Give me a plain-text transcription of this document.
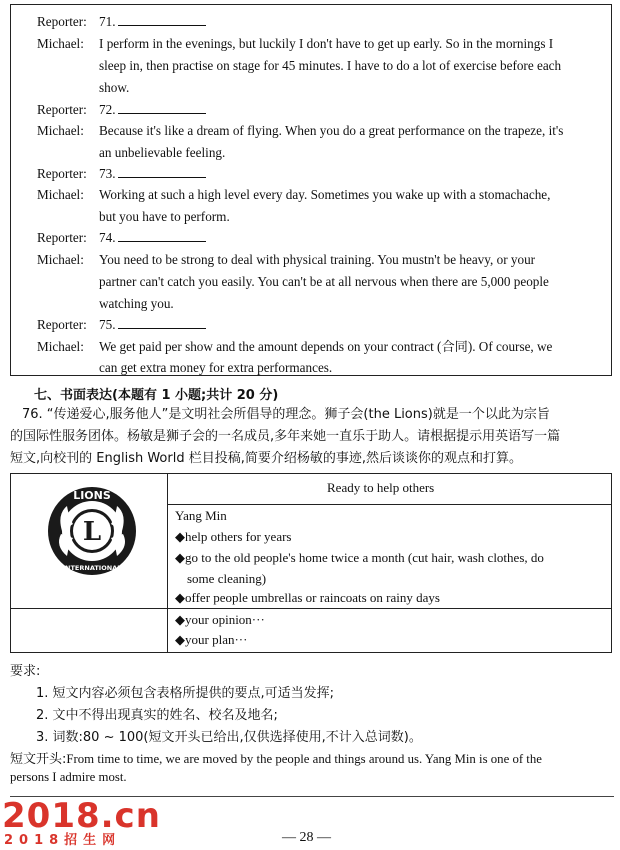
Reporter: 71.
Michael: I perform in the evenings, but luckily I don't have to get up early. So in the mornings I
sleep in, then practise on stage for 45 minutes. I have to do a lot of exercise before each
show.
Reporter: 72.
Michael: Because it's like a dream of flying. When you do a great performance on the trapeze, it's
an unbelievable feeling.
Reporter: 73.
Michael: Working at such a high level every day. Sometimes you wake up with a stomachache,
but you have to perform.
Reporter: 74.
Michael: You need to be strong to deal with physical training. You mustn't be heavy, or your
partner can't catch you easily. You can't be at all nervous when there are 5,000 people
watching you.
Reporter: 75.
Michael: We get paid per show and the amount depends on your contract (合同). Of course, we
can get extra money for extra performances.
七、书面表达(本题有 1 小题;共计 20 分)
76. “传递爱心,服务他人”是文明社会所倡导的理念。狮子会(the Lions)就是一个以此为宗旨
的国际性服务团体。杨敏是狮子会的一名成员,多年来她一直乐于助人。请根据提示用英语写一篇
短文,向校刊的 English World 栏目投稿,简要介绍杨敏的事迹,然后谈谈你的观点和打算。
LIONS
L
INTERNATIONAL
Ready to help others
Yang Min
◆help others for years
◆go to the old people's home twice a month (cut hair, wash clothes, do
some cleaning)
◆offer people umbrellas or raincoats on rainy days
◆your opinion···
◆your plan···
要求:
1. 短文内容必须包含表格所提供的要点,可适当发挥;
2. 文中不得出现真实的姓名、校名及地名;
3. 词数:80 ~ 100(短文开头已给出,仅供选择使用,不计入总词数)。
短文开头:From time to time, we are moved by the people and things around us. Yang Min is one of the
persons I admire most.
2018.cn
2018招生网	— 28 —
